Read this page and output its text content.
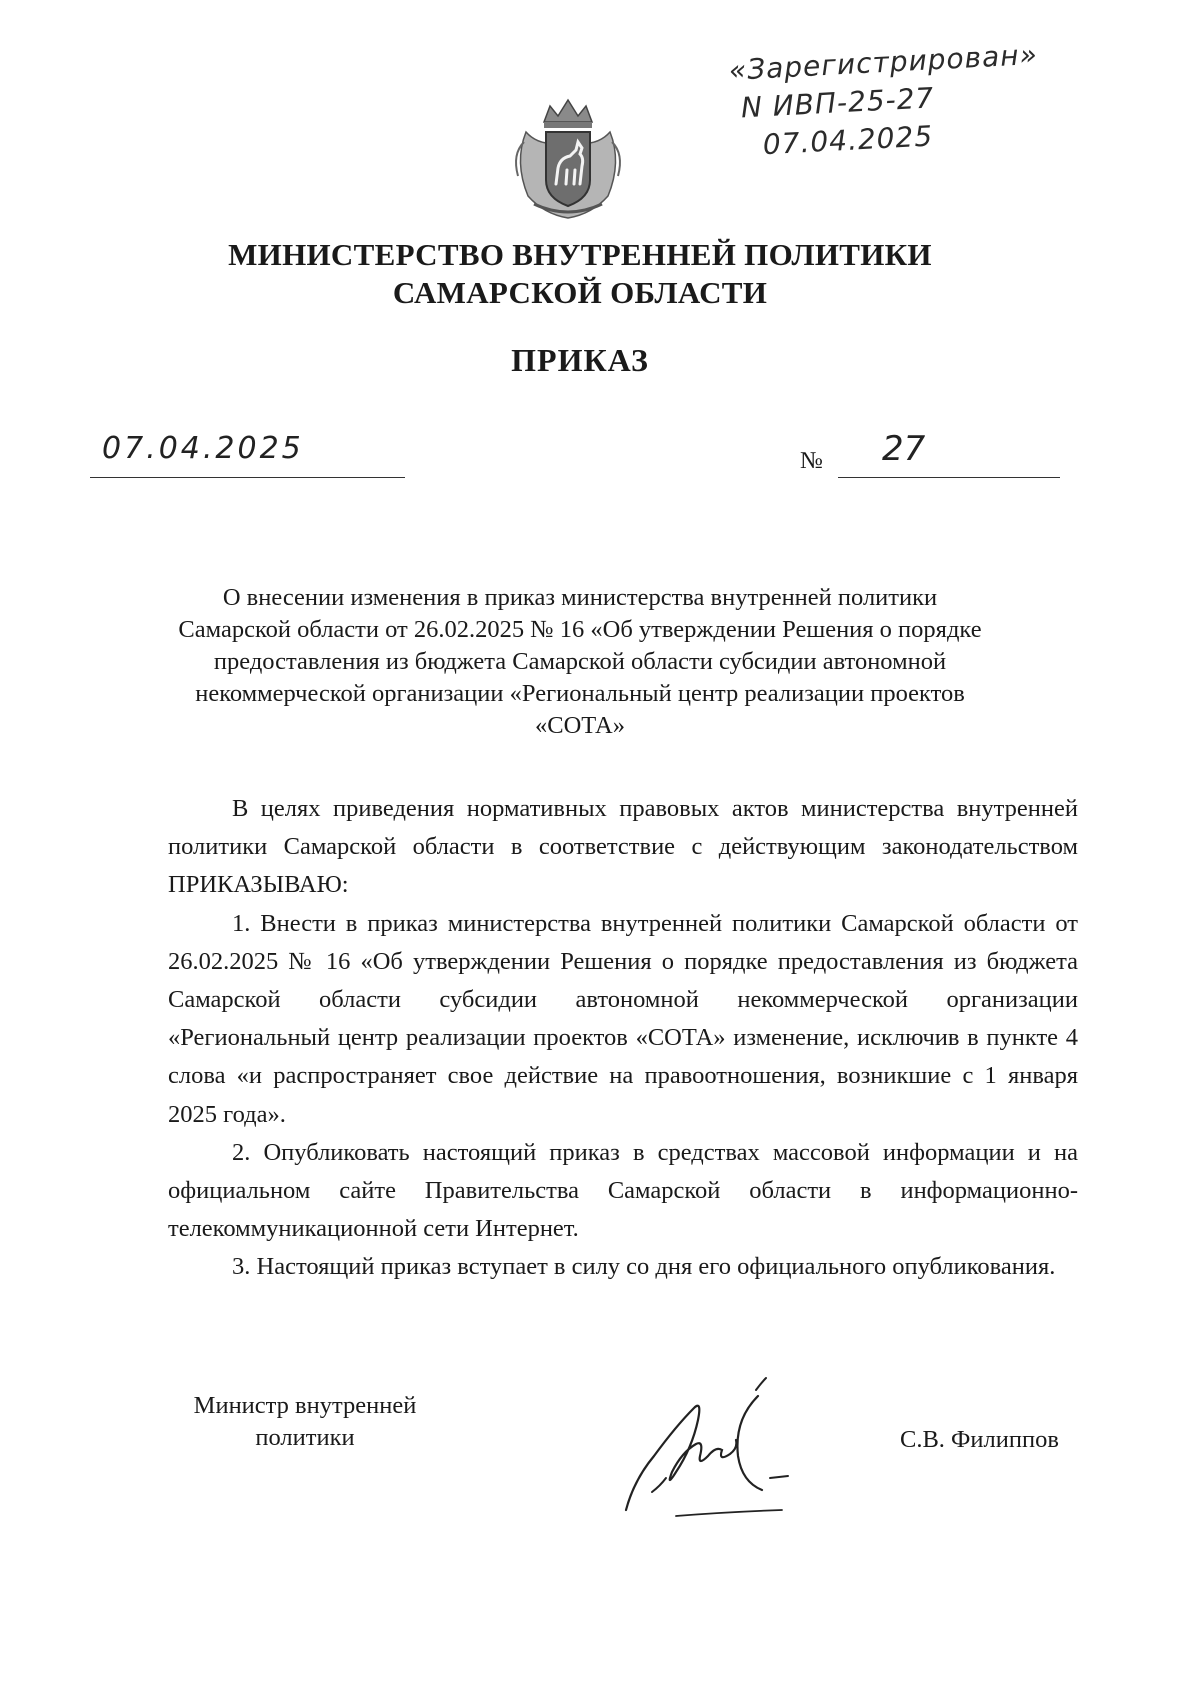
«Зарегистрирован»
N ИВП-25-27
07.04.2025
МИНИСТЕРСТВО ВНУТРЕННЕЙ ПОЛИТИКИ
САМАРСКОЙ ОБЛАСТИ
ПРИКАЗ
07.04.2025	№ 27
О внесении изменения в приказ министерства внутренней политики
Самарской области от 26.02.2025 № 16 «Об утверждении Решения о порядке
предоставления из бюджета Самарской области субсидии автономной
некоммерческой организации «Региональный центр реализации проектов
«СОТА»

В целях приведения нормативных правовых актов министерства внутренней политики Самарской области в соответствие с действующим законодательством ПРИКАЗЫВАЮ:

1. Внести в приказ министерства внутренней политики Самарской области от 26.02.2025 № 16 «Об утверждении Решения о порядке предоставления из бюджета Самарской области субсидии автономной некоммерческой организации «Региональный центр реализации проектов «СОТА» изменение, исключив в пункте 4 слова «и распространяет свое действие на правоотношения, возникшие с 1 января 2025 года».

2. Опубликовать настоящий приказ в средствах массовой информации и на официальном сайте Правительства Самарской области в информационно-телекоммуникационной сети Интернет.

3. Настоящий приказ вступает в силу со дня его официального опубликования.

Министр внутренней
политики	С.В. Филиппов
